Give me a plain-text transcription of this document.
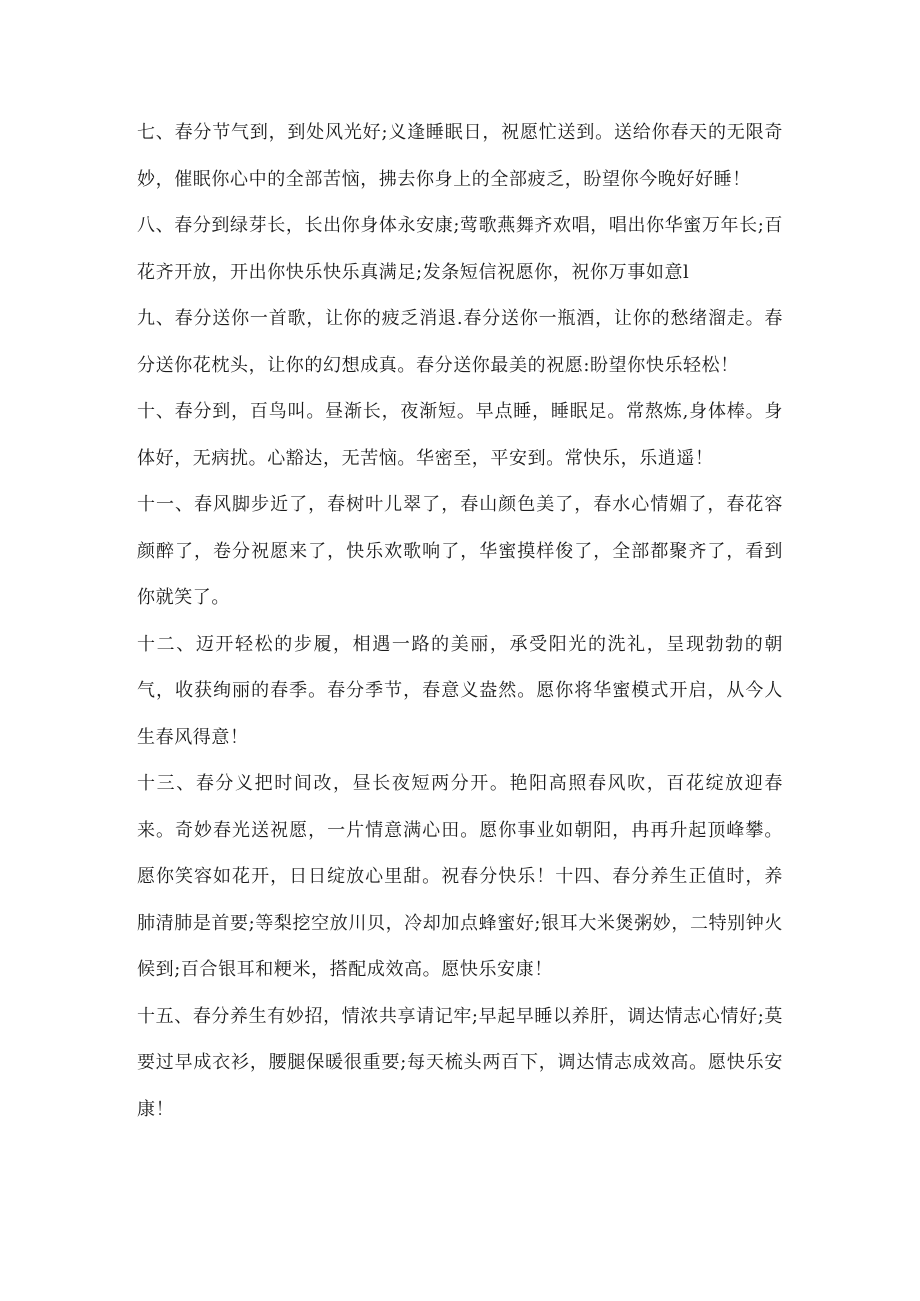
七、春分节气到，到处风光好;义逢睡眠日，祝愿忙送到。送给你春天的无限奇妙，催眠你心中的全部苦恼，拂去你身上的全部疲乏，盼望你今晚好好睡！

八、春分到绿芽长，长出你身体永安康;莺歌燕舞齐欢唱，唱出你华蜜万年长;百花齐开放，开出你快乐快乐真满足;发条短信祝愿你，祝你万事如意l

九、春分送你一首歌，让你的疲乏消退.春分送你一瓶酒，让你的愁绪溜走。春分送你花枕头，让你的幻想成真。春分送你最美的祝愿:盼望你快乐轻松！

十、春分到，百鸟叫。昼渐长，夜渐短。早点睡，睡眠足。常熬炼,身体棒。身体好，无病扰。心豁达，无苦恼。华密至，平安到。常快乐，乐逍遥！

十一、春风脚步近了，春树叶儿翠了，春山颜色美了，春水心情媚了，春花容颜醉了，卷分祝愿来了，快乐欢歌响了，华蜜摸样俊了，全部都聚齐了，看到你就笑了。

十二、迈开轻松的步履，相遇一路的美丽，承受阳光的洗礼，呈现勃勃的朝气，收获绚丽的春季。春分季节，春意义盎然。愿你将华蜜模式开启，从今人生春风得意！

十三、春分义把时间改，昼长夜短两分开。艳阳高照春风吹，百花绽放迎春来。奇妙春光送祝愿，一片情意满心田。愿你事业如朝阳，冉再升起顶峰攀。愿你笑容如花开，日日绽放心里甜。祝春分快乐！十四、春分养生正值时，养肺清肺是首要;等梨挖空放川贝，冷却加点蜂蜜好;银耳大米煲粥妙，二特别钟火候到;百合银耳和粳米，搭配成效高。愿快乐安康！

十五、春分养生有妙招，情浓共享请记牢;早起早睡以养肝，调达情志心情好;莫要过早成衣衫，腰腿保暖很重要;每天梳头两百下，调达情志成效高。愿快乐安康！
